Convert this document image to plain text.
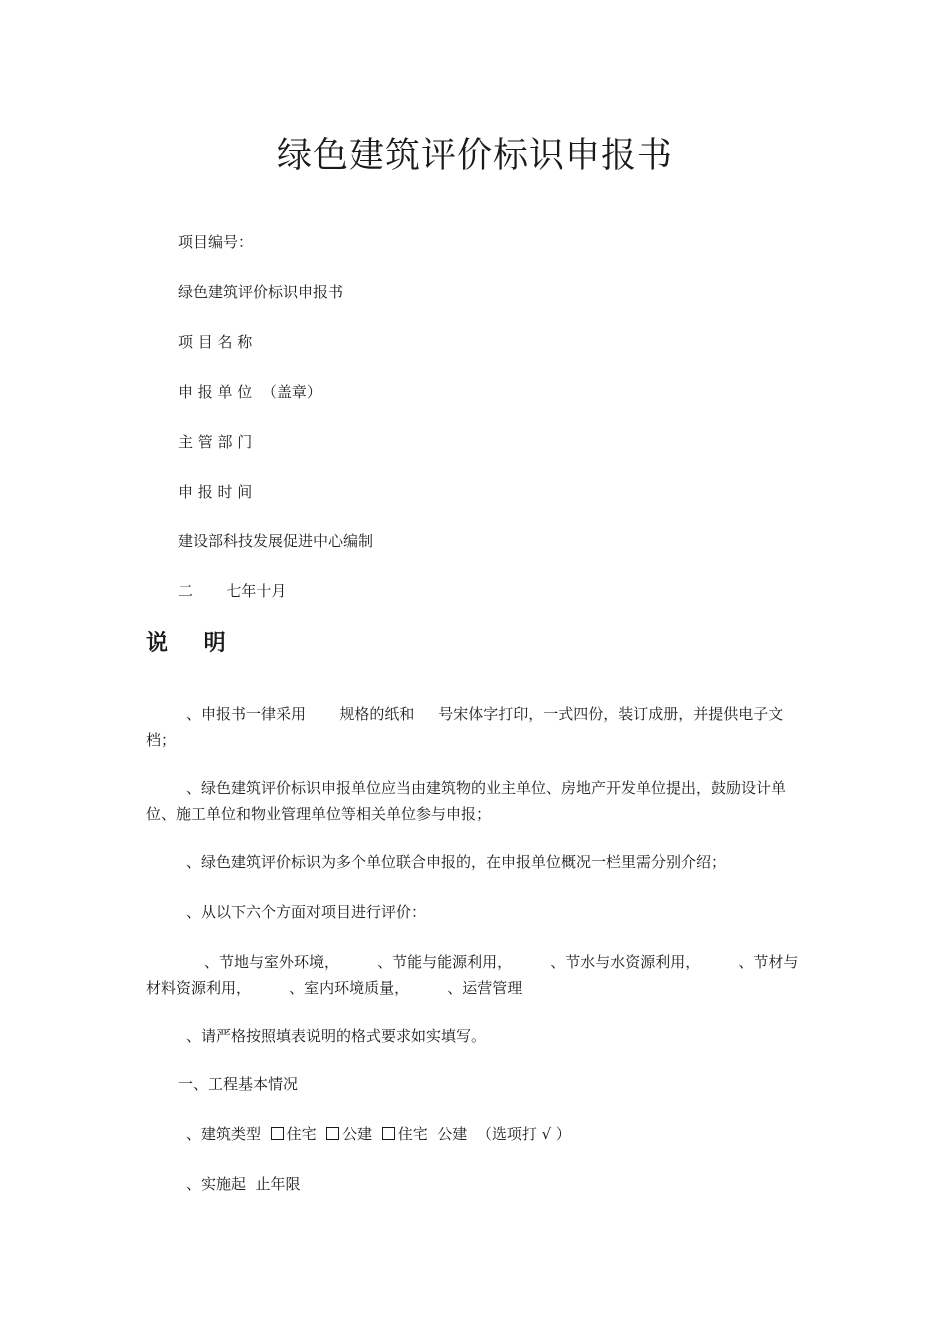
绿色建筑评价标识申报书
项目编号：
绿色建筑评价标识申报书
项 目 名 称
申 报 单 位 （盖章）
主 管 部 门
申 报 时 间
建设部科技发展促进中心编制
二       七年十月
说 明
、申报书一律采用       规格的纸和     号宋体字打印，一式四份，装订成册，并提供电子文档；
、绿色建筑评价标识申报单位应当由建筑物的业主单位、房地产开发单位提出，鼓励设计单位、施工单位和物业管理单位等相关单位参与申报；
、绿色建筑评价标识为多个单位联合申报的，在申报单位概况一栏里需分别介绍；
、从以下六个方面对项目进行评价：
、节地与室外环境，        、节能与能源利用，        、节水与水资源利用，        、节材与材料资源利用，        、室内环境质量，        、运营管理
、请严格按照填表说明的格式要求如实填写。
一、工程基本情况
、建筑类型 住宅 公建 住宅 公建 （选项打 √ ）
、实施起  止年限
